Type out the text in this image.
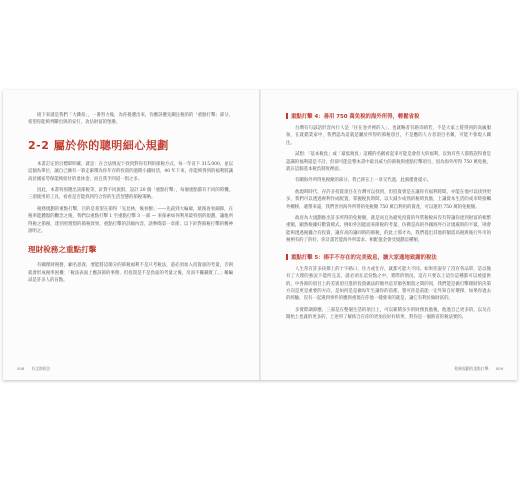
接下來就是我們「大撕扣」，一番努力後，為你挑選出來，你應該優先關注稅的的「重點打擊」部分，希望你能夠判斷出與的安打，攻佔財富的堡壘。

2-2 屬於你的聰明細心規劃

本書訂定的目標即明確，就是：在合法情況下找到對你有利的節稅方式，每一年省下 315,000，並以這個為單位，讓自己擁有一筆走累積為你年存的投資的過期小錢財活，40 年下來，你能夠得到的福利將讓高於國家勞保能夠給付的退休金，而且我手四道一俱之多。

因此，本書特別選出該節稅等，針對不同族群，設計 20 個「重點打擊」，每個重點都有不同的時機，三項使用的工具，看看是否能找到符合你的生活型態的節稅策略。

稅務規劃的重點打擊，目的是希望在節得「先見林，後看樹」——先殺到大輪廓，最後再看細節，在稅率能體現的觀念之後，我們以重點打擊 1 至重點打擊 3 一部 — 來探索如何利用最特別的規劃，讓他所得稅之節稅，達到更理想的節稅效果，重點打擊的詳細內容，請參閱第一章節，以下針對節稅打擊的精神說明之。

理財稅務之重點打擊

有關理財稅務，顧名思義，要能將這簡分的節稅福利不是只考稅法，還必須加入投資面的考量，否則就會形成稅率困擾：「稅法表面上應該節的事務，但投資是不是負面的考量之後，反而不賺錢實了。」稱編試是許多人的盲點。

008 好念節稅法
重點打擊 4：善用 750 萬免稅的海外所得，輕鬆省稅

台灣有句諺語形容內行人是「住在卷弄裡的人」，也就略者有路奇晴若，不是大家上將得到的高級服加，在就錯業家中，我們認為這就是屬於所得的節稅項目，不是應的人方者項目名稱，可能不會現人關注。

試想：「基本稅負」或「最低稅負」這種的名稱看起來可能是會但大的福利，以致有些人都將誤得會是認識的福利還是不計，但卻可能是整本書中最具威力的節稅與重點打擊項目，因為海外所得 750 萬免稅，就在這個基本稅負制度裡面。

有關海外所得免稅額的部分，我已經在上一章交代過，此處僅會提示。

他現時時代，存許多投資項目在台灣可以找到，但投資會是在讓你有福利時間，亦能在他可以找到更多，我們可以透過複利作成配置，掌握稅負時間，以大減少成熟的稅時負擔，上讓資本生活的成市時接觸外轉移，適帶來遠，我們善用海外所得的免稅額 750 萬自利用的資產，可以運用 750 萬的免稅額。

政府為大規劃推出許多所得的免稅額，就是而且為避免投資的外質稅稅局沒有得讓你達到財富的相繁重額，顯然根據好數資模式。例如外因能面來節稅的考量，仿佛是高的外國海外行計規處與的平最，則會能夠透過稅據合有投資，讓有高的讓同時的節稅，的此上那才為，我們提出其他的額需高稅與後行外市的稅例有的了的好，你計畫若能海外所需求、相配值金會受規劃這種額，

重點打擊 5：揚手不存在的完美致息，擴大家通地致謝的稅法

人生常有許多抉擇上的十字路口，住力或仕存，就都可能大不同。如果你說存了沒有各品單，是以後有了大理的強況下能所完美，就必須在這份點之中。實際的情況，這在只要以上這位這種都可以被提供的。中各節的項目上的差異項目進的投資做法的額外這差額各類資之間的同，我們能是做打擊理財的決策方向是更是重要的方向，是如何是是做每年生讓你的前那，想可你是前能一定外知自好選擇，如果你過去的經驗，沒有一起遇到事件的應與重現在你他一樣發來的就是，讓它有利於做財富的。

多實際調節應，三部是在整個生活的項目上，可以累積多少的財務負擔後，他過自己更多的，以及在開始上也就的更多的，上述所了解結合在你的更加良好好結果，對你是一個節省的稅法要的。

稅務規劃的重點打擊 009
